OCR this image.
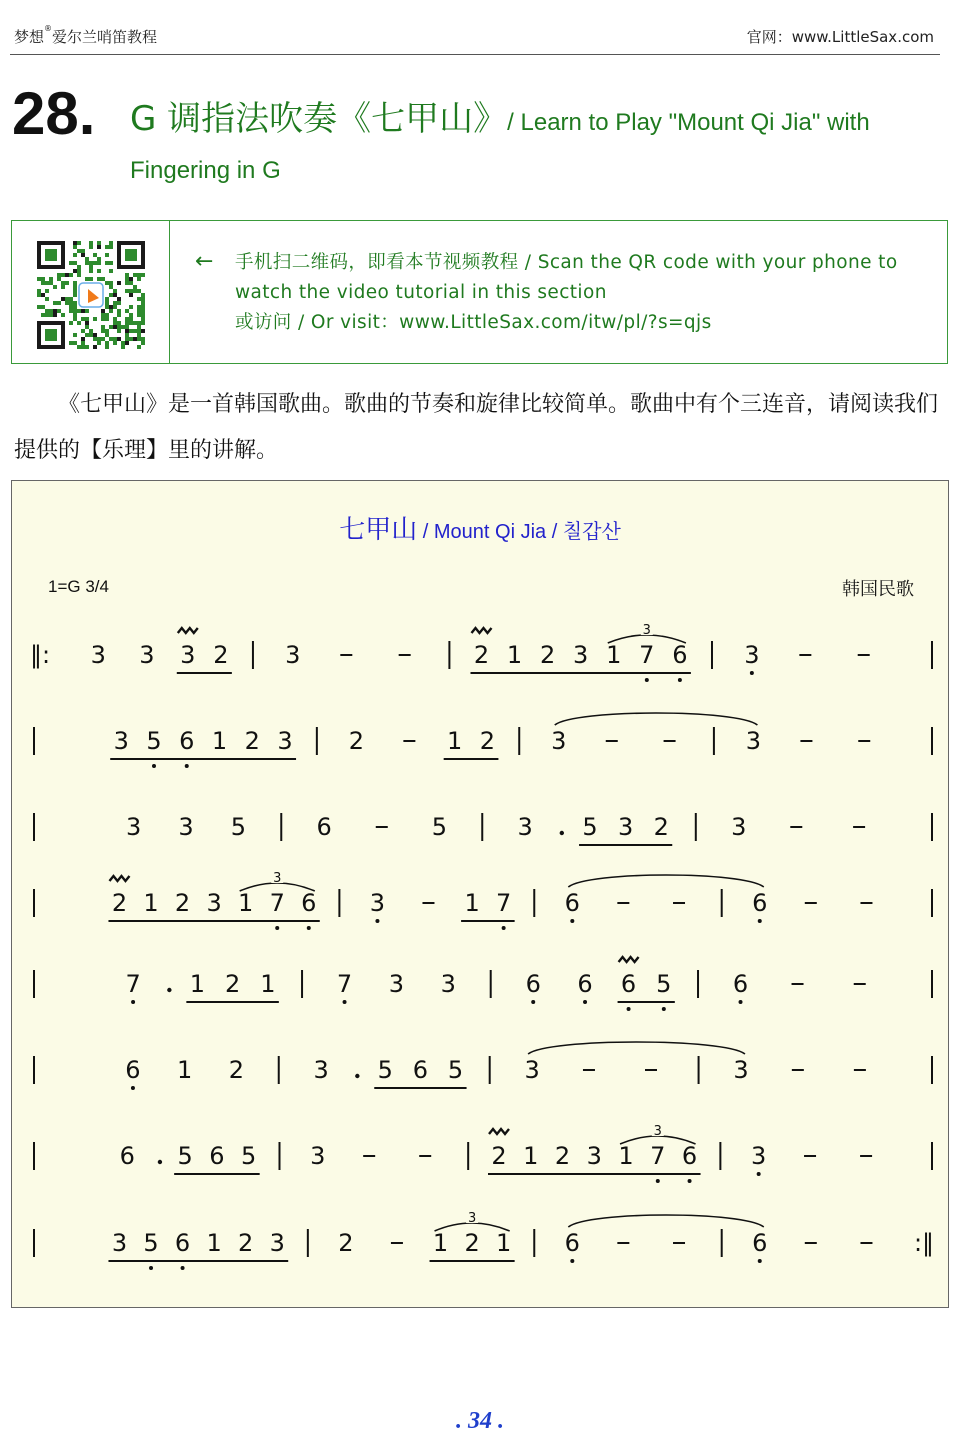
梦想®爱尔兰哨笛教程	官网：www.LittleSax.com
28. G 调指法吹奏《七甲山》/ Learn to Play "Mount Qi Jia" with Fingering in G
← 手机扫二维码，即看本节视频教程 / Scan the QR code with your phone to
watch the video tutorial in this section
或访问 / Or visit：www.LittleSax.com/itw/pl/?s=qjs

《七甲山》是一首韩国歌曲。歌曲的节奏和旋律比较简单。歌曲中有个三连音，请阅读我们提供的【乐理】里的讲解。

七甲山 / Mount Qi Jia / 칠갑산
1=G 3/4	韩国民歌
‖: 3 3 3 2 3	2 1 2 3 1
3
7 6 3
3 5 6 1 2 3 2	1 2 3	3
3 3 5	6	5	3 5 3 2	3
2 1 2 3 1
3
7 6 3	1 7 6	6
7 1 2 1	7 3 3	6 6 6 5	6
6 1 2	3 5 6 5	3	3
6 5 6 5 3	2 1 2 3 1
3
7 6 3
3 5 6 1 2 3 2	1
3
2 1 6	6	:‖
. 34 .
